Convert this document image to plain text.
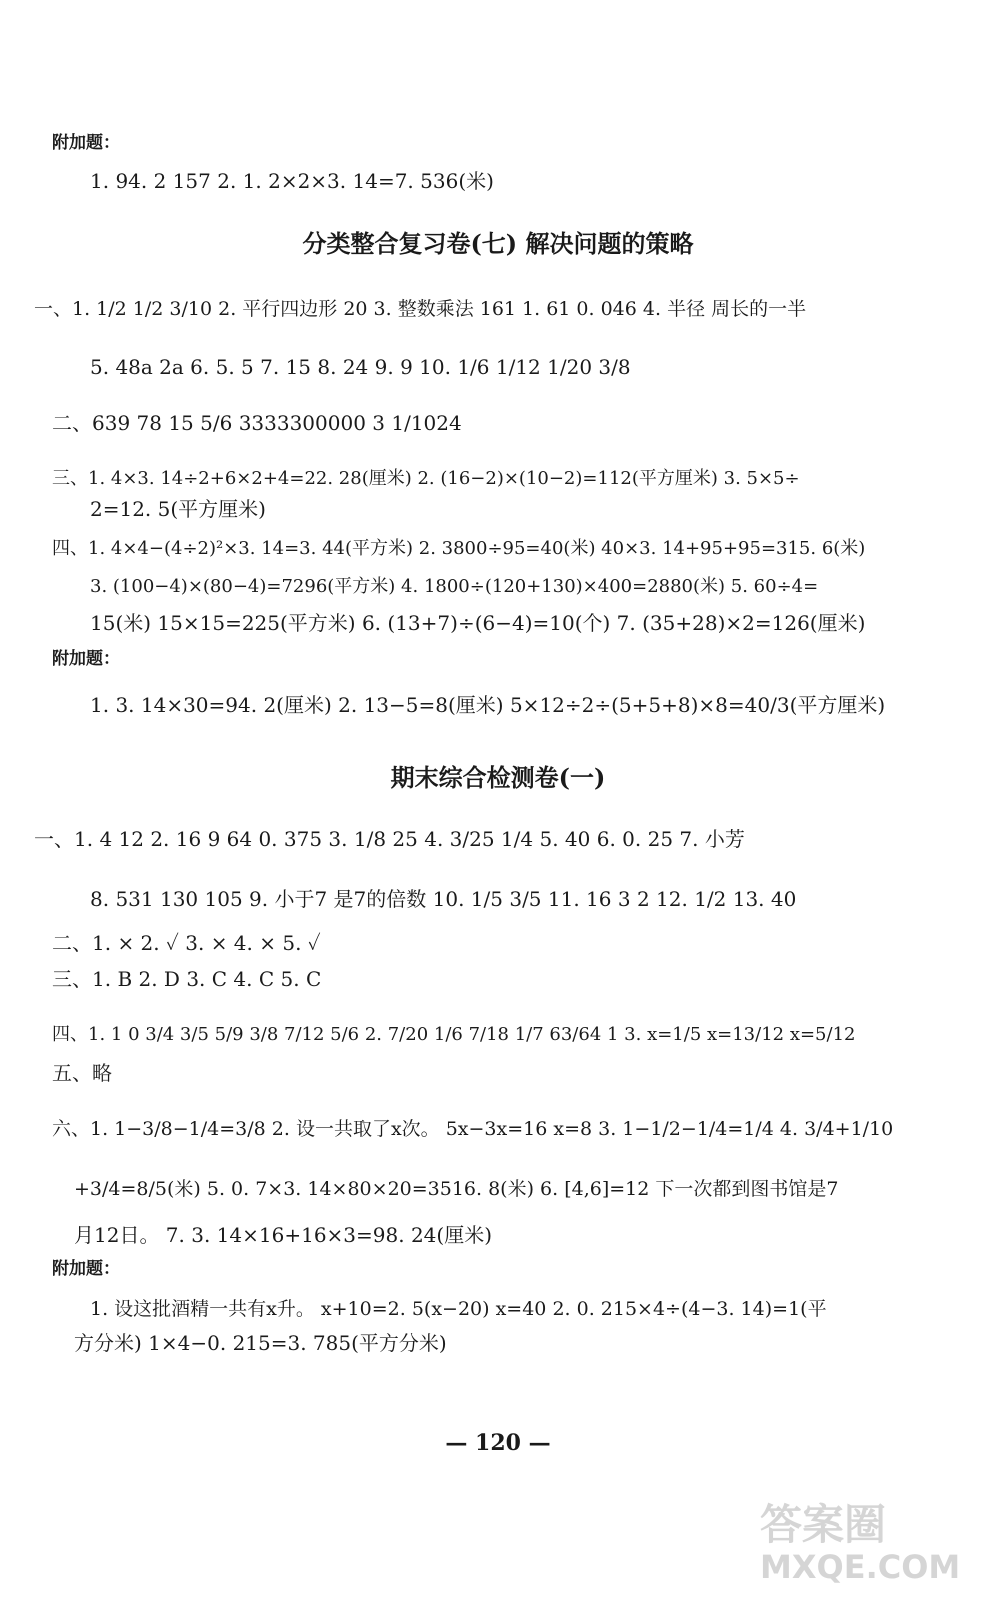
附加题：
1. 94. 2 157 2. 1. 2×2×3. 14=7. 536(米)
分类整合复习卷(七) 解决问题的策略
一、1. 1/2 1/2 3/10 2. 平行四边形 20 3. 整数乘法 161 1. 61 0. 046 4. 半径 周长的一半
5. 48a 2a 6. 5. 5 7. 15 8. 24 9. 9 10. 1/6 1/12 1/20 3/8
二、639 78 15 5/6 3333300000 3 1/1024
三、1. 4×3. 14÷2+6×2+4=22. 28(厘米) 2. (16−2)×(10−2)=112(平方厘米) 3. 5×5÷
2=12. 5(平方厘米)
四、1. 4×4−(4÷2)²×3. 14=3. 44(平方米) 2. 3800÷95=40(米) 40×3. 14+95+95=315. 6(米)
3. (100−4)×(80−4)=7296(平方米) 4. 1800÷(120+130)×400=2880(米) 5. 60÷4=
15(米) 15×15=225(平方米) 6. (13+7)÷(6−4)=10(个) 7. (35+28)×2=126(厘米)
附加题：
1. 3. 14×30=94. 2(厘米) 2. 13−5=8(厘米) 5×12÷2÷(5+5+8)×8=40/3(平方厘米)
期末综合检测卷(一)
一、1. 4 12 2. 16 9 64 0. 375 3. 1/8 25 4. 3/25 1/4 5. 40 6. 0. 25 7. 小芳
8. 531 130 105 9. 小于7 是7的倍数 10. 1/5 3/5 11. 16 3 2 12. 1/2 13. 40
二、1. × 2. ✓ 3. × 4. × 5. ✓
三、1. B 2. D 3. C 4. C 5. C
四、1. 1 0 3/4 3/5 5/9 3/8 7/12 5/6 2. 7/20 1/6 7/18 1/7 63/64 1 3. x=1/5 x=13/12 x=5/12
五、略
六、1. 1−3/8−1/4=3/8 2. 设一共取了x次。 5x−3x=16 x=8 3. 1−1/2−1/4=1/4 4. 3/4+1/10
+3/4=8/5(米) 5. 0. 7×3. 14×80×20=3516. 8(米) 6. [4,6]=12 下一次都到图书馆是7
月12日。 7. 3. 14×16+16×3=98. 24(厘米)
附加题：
1. 设这批酒精一共有x升。 x+10=2. 5(x−20) x=40 2. 0. 215×4÷(4−3. 14)=1(平
方分米) 1×4−0. 215=3. 785(平方分米)
— 120 —
答案圈
MXQE.COM
